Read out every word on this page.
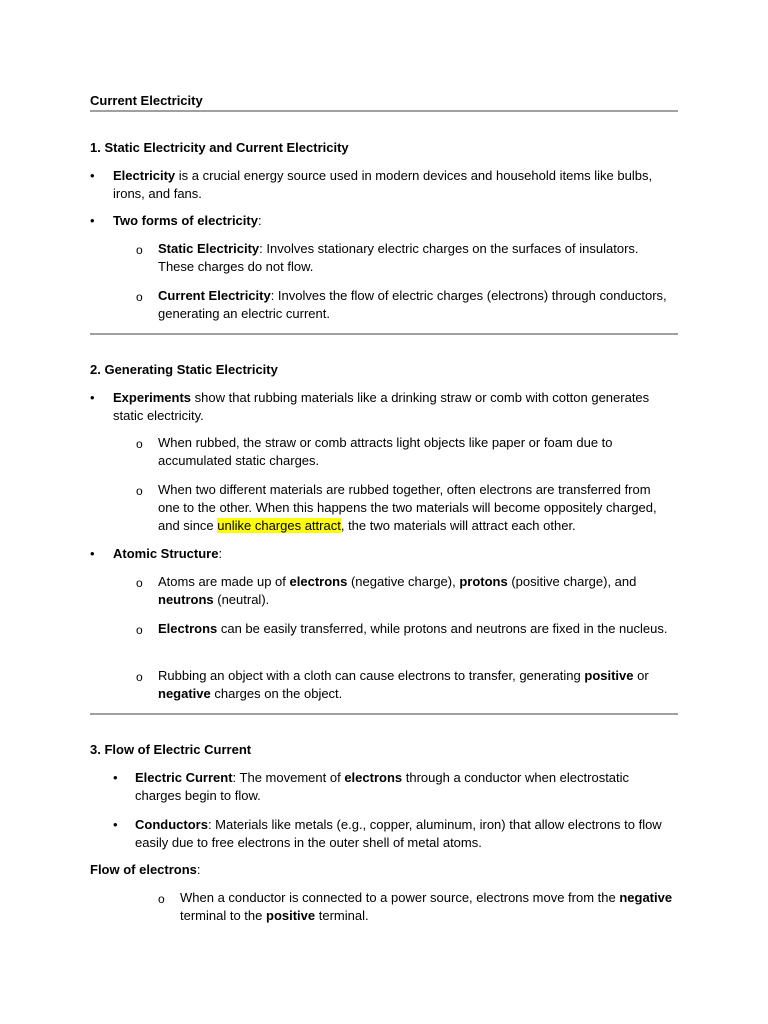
Current Electricity
1. Static Electricity and Current Electricity
•	Electricity is a crucial energy source used in modern devices and household items like bulbs, irons, and fans.
•	Two forms of electricity:
o Static Electricity: Involves stationary electric charges on the surfaces of insulators. These charges do not flow.
o Current Electricity: Involves the flow of electric charges (electrons) through conductors, generating an electric current.
2. Generating Static Electricity
•	Experiments show that rubbing materials like a drinking straw or comb with cotton generates static electricity.
o When rubbed, the straw or comb attracts light objects like paper or foam due to accumulated static charges.
o When two different materials are rubbed together, often electrons are transferred from one to the other. When this happens the two materials will become oppositely charged, and since unlike charges attract, the two materials will attract each other.
•	Atomic Structure:
o Atoms are made up of electrons (negative charge), protons (positive charge), and neutrons (neutral).
o Electrons can be easily transferred, while protons and neutrons are fixed in the nucleus.
o Rubbing an object with a cloth can cause electrons to transfer, generating positive or negative charges on the object.
3. Flow of Electric Current
•	Electric Current: The movement of electrons through a conductor when electrostatic charges begin to flow.
•	Conductors: Materials like metals (e.g., copper, aluminum, iron) that allow electrons to flow easily due to free electrons in the outer shell of metal atoms.
Flow of electrons:
o When a conductor is connected to a power source, electrons move from the negative terminal to the positive terminal.
